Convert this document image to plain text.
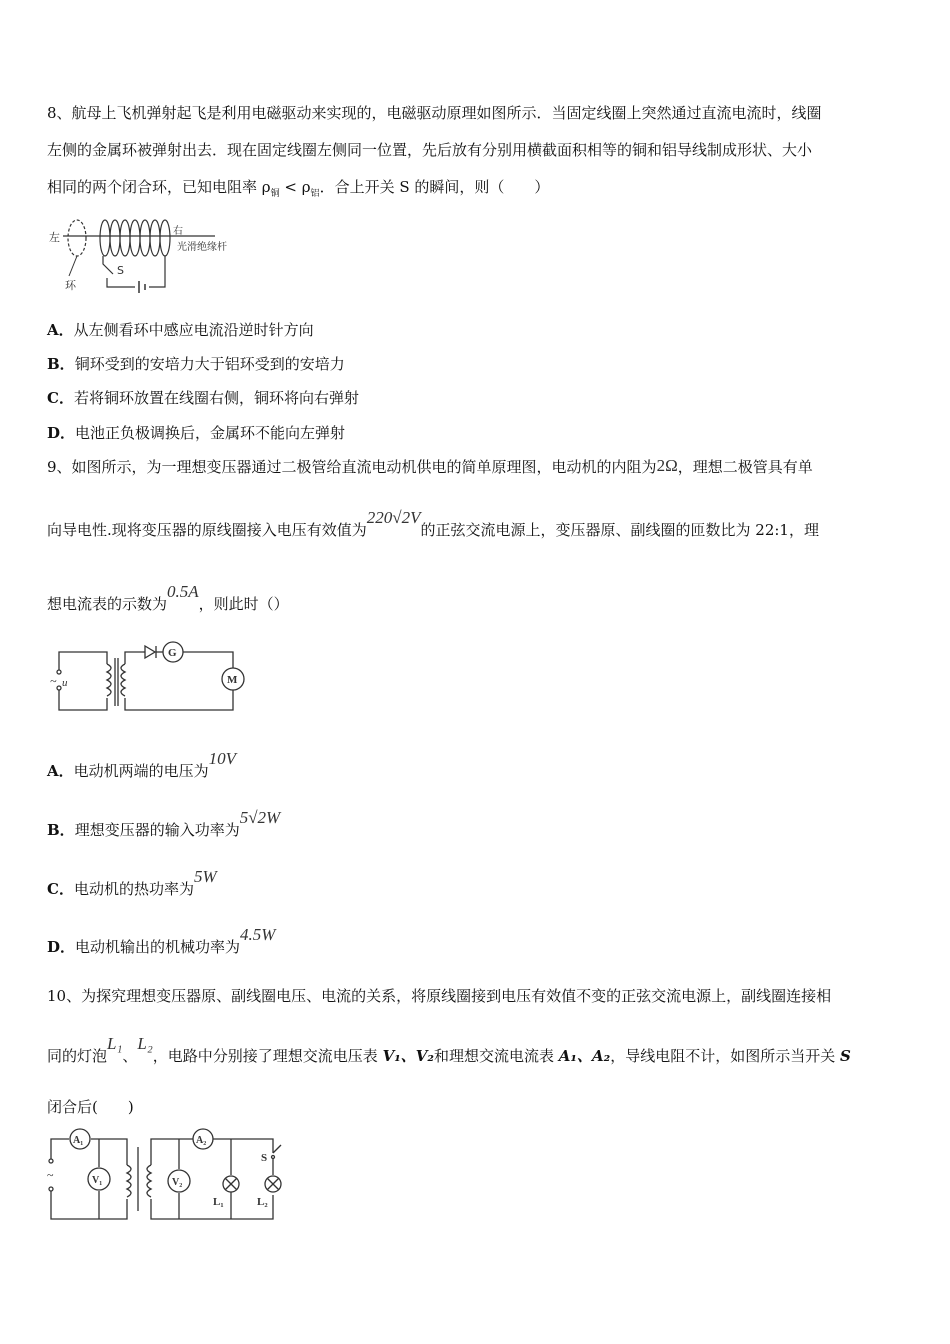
8、航母上飞机弹射起飞是利用电磁驱动来实现的，电磁驱动原理如图所示．当固定线圈上突然通过直流电流时，线圈
左侧的金属环被弹射出去．现在固定线圈左侧同一位置，先后放有分别用横截面积相等的铜和铝导线制成形状、大小
相同的两个闭合环，已知电阻率 $\rho_铜 < \rho_铝$．合上开关 S 的瞬间，则（　　）
左	右
光滑绝缘杆
环
S
A．从左侧看环中感应电流沿逆时针方向
B．铜环受到的安培力大于铝环受到的安培力
C．若将铜环放置在线圈右侧，铜环将向右弹射
D．电池正负极调换后，金属环不能向左弹射
9、如图所示，为一理想变压器通过二极管给直流电动机供电的简单原理图，电动机的内阻为2Ω，理想二极管具有单
向导电性.现将变压器的原线圈接入电压有效值为220√2V的正弦交流电源上，变压器原、副线圈的匝数比为 22:1，理
想电流表的示数为0.5A，则此时（）
~ u
G
M
A．电动机两端的电压为10V
B．理想变压器的输入功率为5√2W
C．电动机的热功率为5W
D．电动机输出的机械功率为4.5W
10、为探究理想变压器原、副线圈电压、电流的关系，将原线圈接到电压有效值不变的正弦交流电源上，副线圈连接相
同的灯泡L₁、L₂，电路中分别接了理想交流电压表 V₁、V₂和理想交流电流表 A₁、A₂，导线电阻不计，如图所示当开关 S
闭合后(　　)
~
A₁
V₁
A₂
V₂
L₁	L₂
S
